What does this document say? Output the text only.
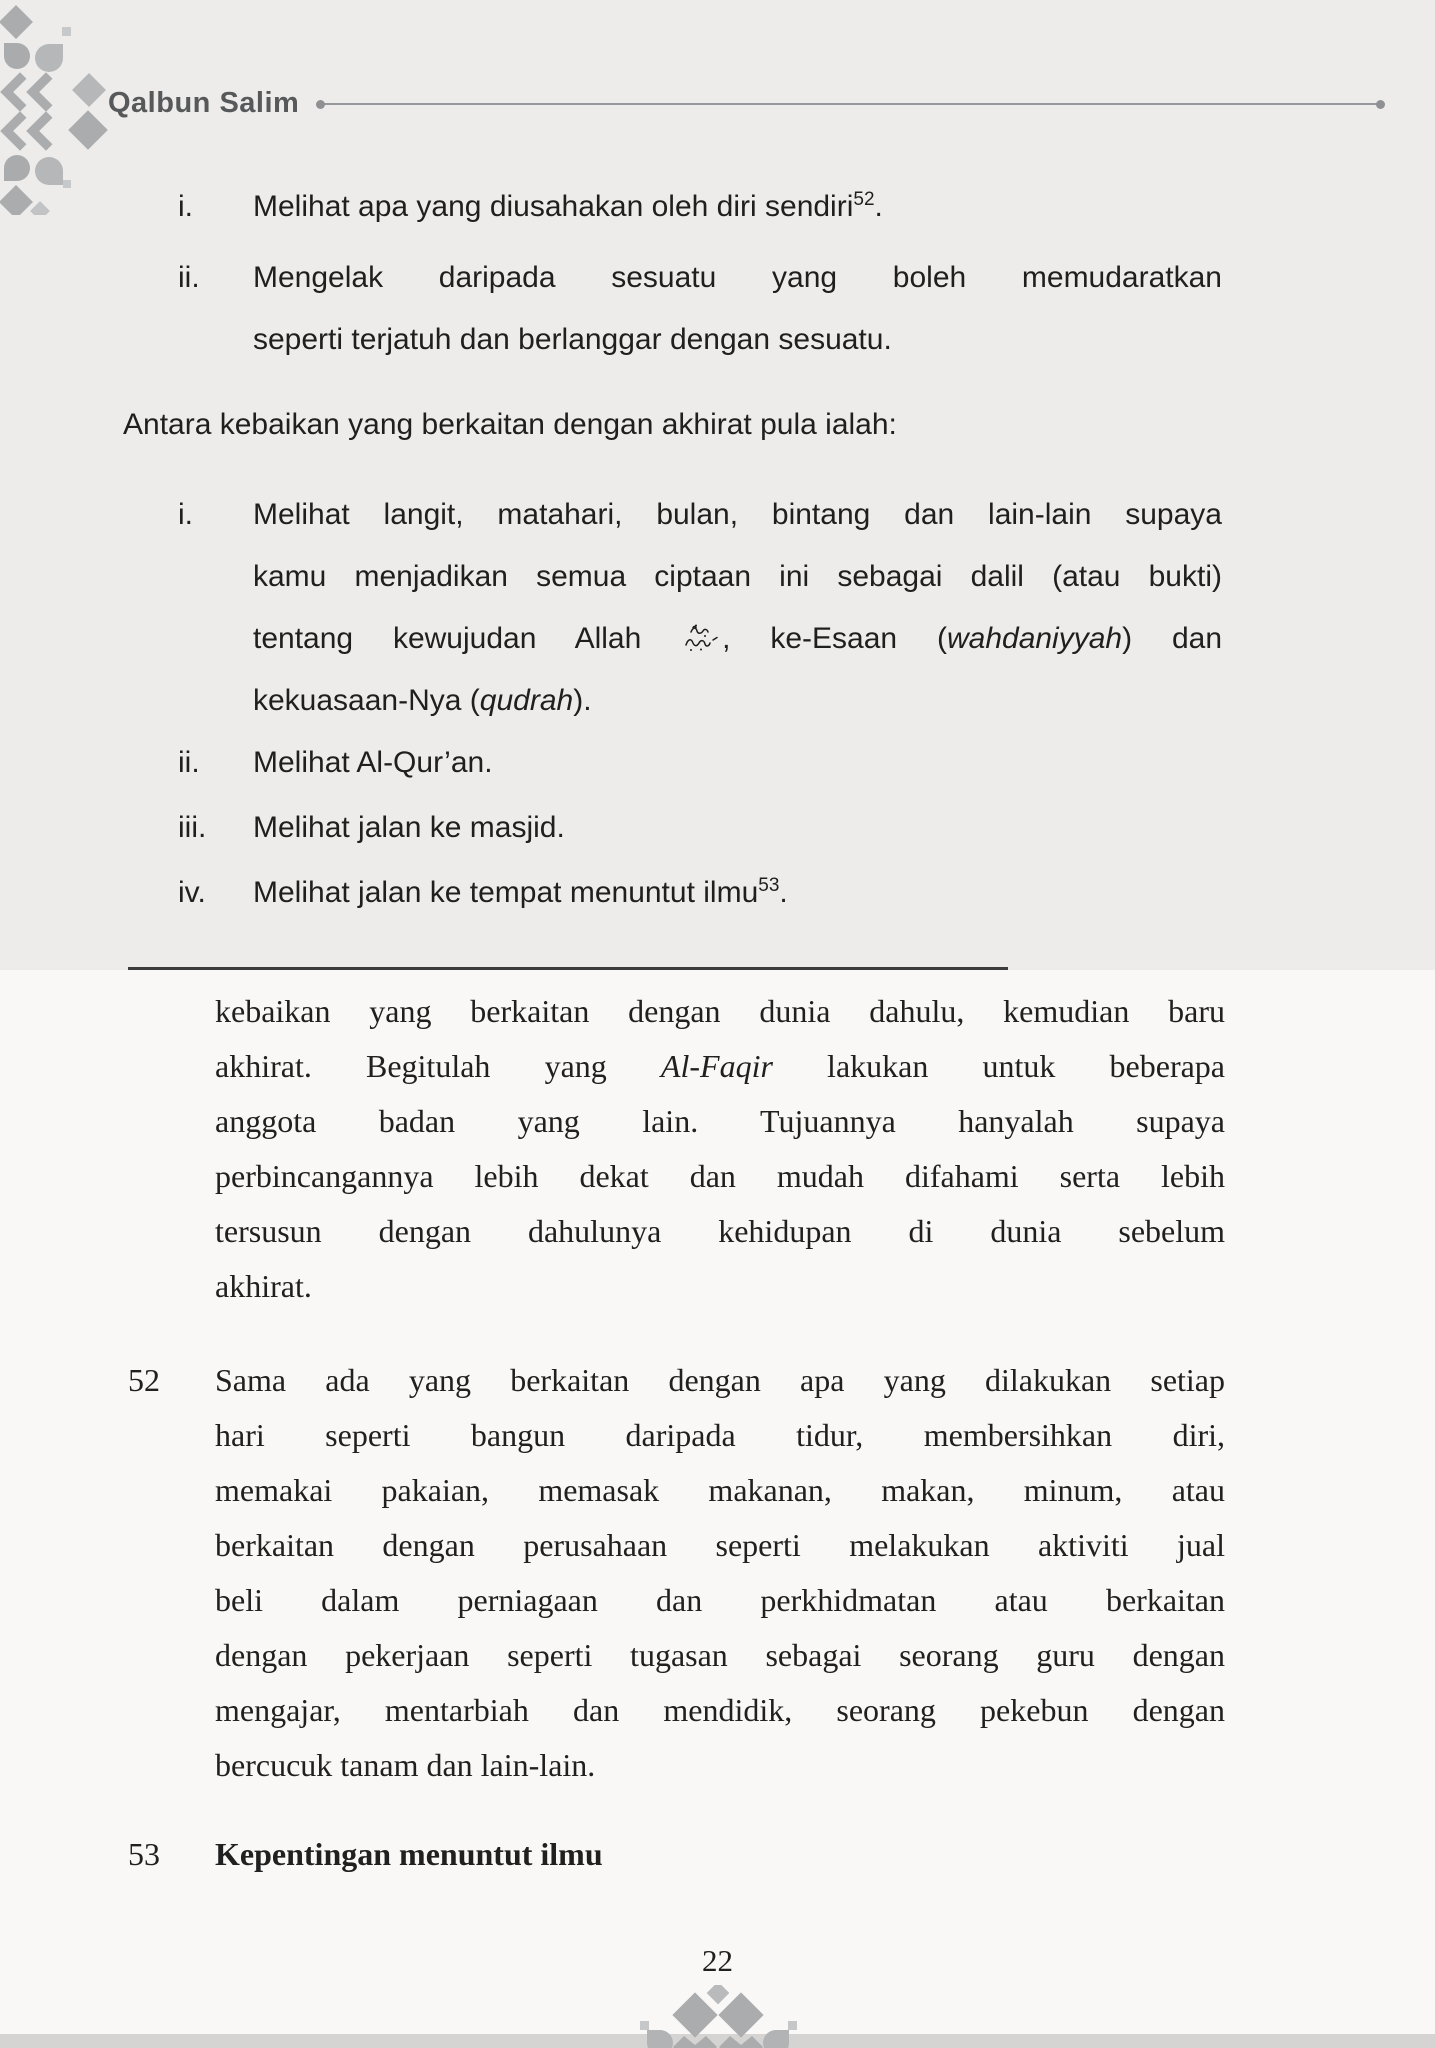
Qalbun Salim
i.	Melihat apa yang diusahakan oleh diri sendiri$^{52}$.
ii.	Mengelak daripada sesuatu yang boleh memudaratkan
seperti terjatuh dan berlanggar dengan sesuatu.
Antara kebaikan yang berkaitan dengan akhirat pula ialah:
i.	Melihat langit, matahari, bulan, bintang dan lain-lain supaya
kamu menjadikan semua ciptaan ini sebagai dalil (atau bukti)
tentang kewujudan Allah , ke-Esaan (wahdaniyyah) dan
kekuasaan-Nya (qudrah).
ii.	Melihat Al-Qur’an.
iii.	Melihat jalan ke masjid.
iv.	Melihat jalan ke tempat menuntut ilmu$^{53}$.
kebaikan yang berkaitan dengan dunia dahulu, kemudian baru
akhirat. Begitulah yang Al-Faqir lakukan untuk beberapa
anggota badan yang lain. Tujuannya hanyalah supaya
perbincangannya lebih dekat dan mudah difahami serta lebih
tersusun dengan dahulunya kehidupan di dunia sebelum
akhirat.
52	Sama ada yang berkaitan dengan apa yang dilakukan setiap
hari seperti bangun daripada tidur, membersihkan diri,
memakai pakaian, memasak makanan, makan, minum, atau
berkaitan dengan perusahaan seperti melakukan aktiviti jual
beli dalam perniagaan dan perkhidmatan atau berkaitan
dengan pekerjaan seperti tugasan sebagai seorang guru dengan
mengajar, mentarbiah dan mendidik, seorang pekebun dengan
bercucuk tanam dan lain-lain.
53	Kepentingan menuntut ilmu
22
